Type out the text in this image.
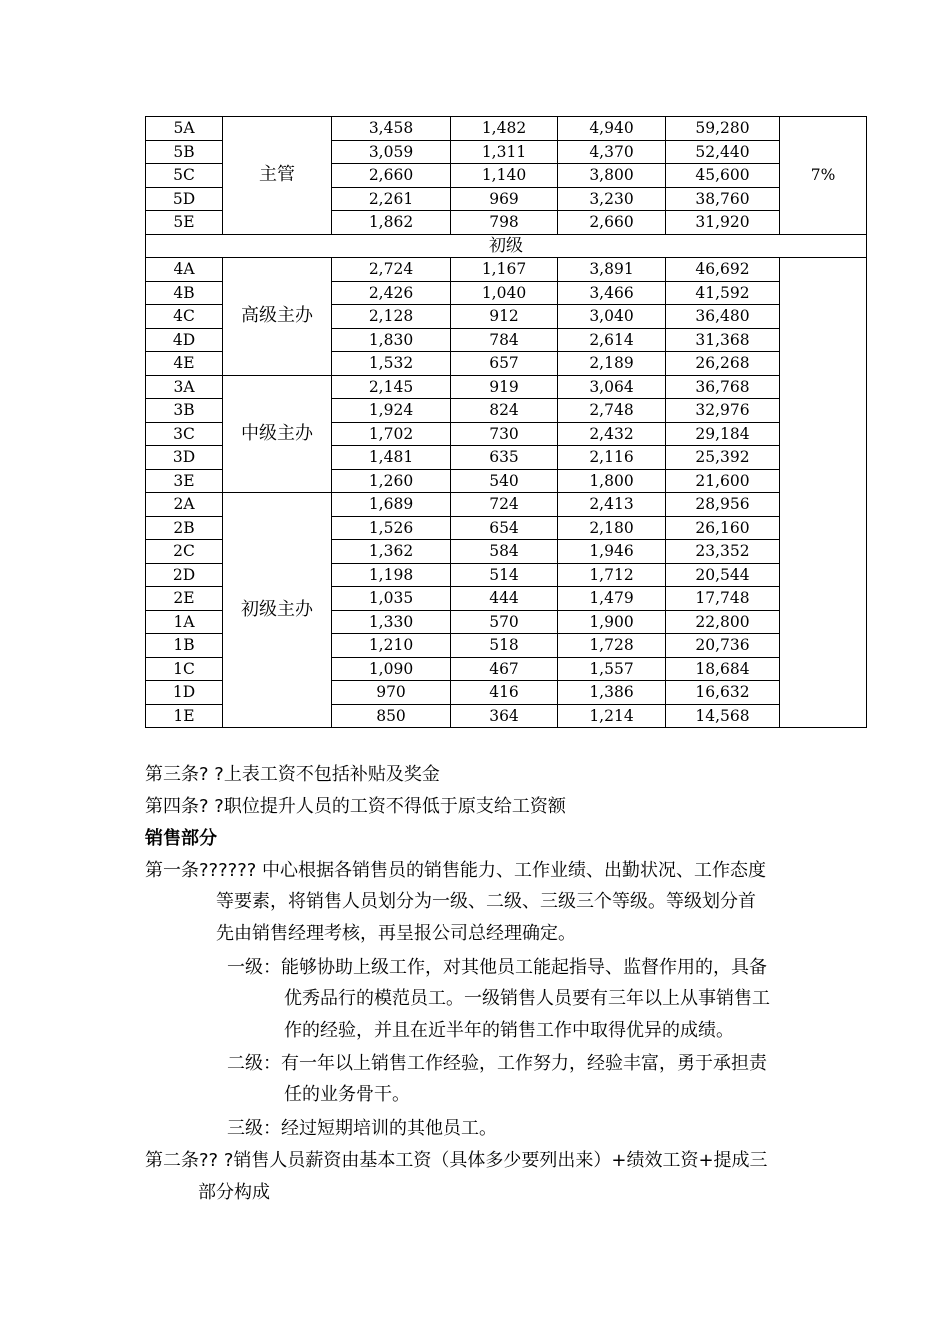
5A	主管	3,458	1,482	4,940	59,280	7%
5B		3,059	1,311	4,370	52,440	
5C		2,660	1,140	3,800	45,600	
5D		2,261	969	3,230	38,760	
5E		1,862	798	2,660	31,920	
初级						
4A	高级主办	2,724	1,167	3,891	46,692	
4B		2,426	1,040	3,466	41,592	
4C		2,128	912	3,040	36,480	
4D		1,830	784	2,614	31,368	
4E		1,532	657	2,189	26,268	
3A	中级主办	2,145	919	3,064	36,768	
3B		1,924	824	2,748	32,976	
3C		1,702	730	2,432	29,184	
3D		1,481	635	2,116	25,392	
3E		1,260	540	1,800	21,600	
2A	初级主办	1,689	724	2,413	28,956	
2B		1,526	654	2,180	26,160	
2C		1,362	584	1,946	23,352	
2D		1,198	514	1,712	20,544	
2E		1,035	444	1,479	17,748	
1A		1,330	570	1,900	22,800	
1B		1,210	518	1,728	20,736	
1C		1,090	467	1,557	18,684	
1D		970	416	1,386	16,632	
1E		850	364	1,214	14,568	
第三条? ?上表工资不包括补贴及奖金
第四条? ?职位提升人员的工资不得低于原支给工资额
销售部分
第一条?????? 中心根据各销售员的销售能力、工作业绩、出勤状况、工作态度
等要素，将销售人员划分为一级、二级、三级三个等级。等级划分首
先由销售经理考核，再呈报公司总经理确定。
一级：能够协助上级工作，对其他员工能起指导、监督作用的，具备
优秀品行的模范员工。一级销售人员要有三年以上从事销售工
作的经验，并且在近半年的销售工作中取得优异的成绩。
二级：有一年以上销售工作经验，工作努力，经验丰富，勇于承担责
任的业务骨干。
三级：经过短期培训的其他员工。
第二条?? ?销售人员薪资由基本工资（具体多少要列出来）+绩效工资+提成三
部分构成
